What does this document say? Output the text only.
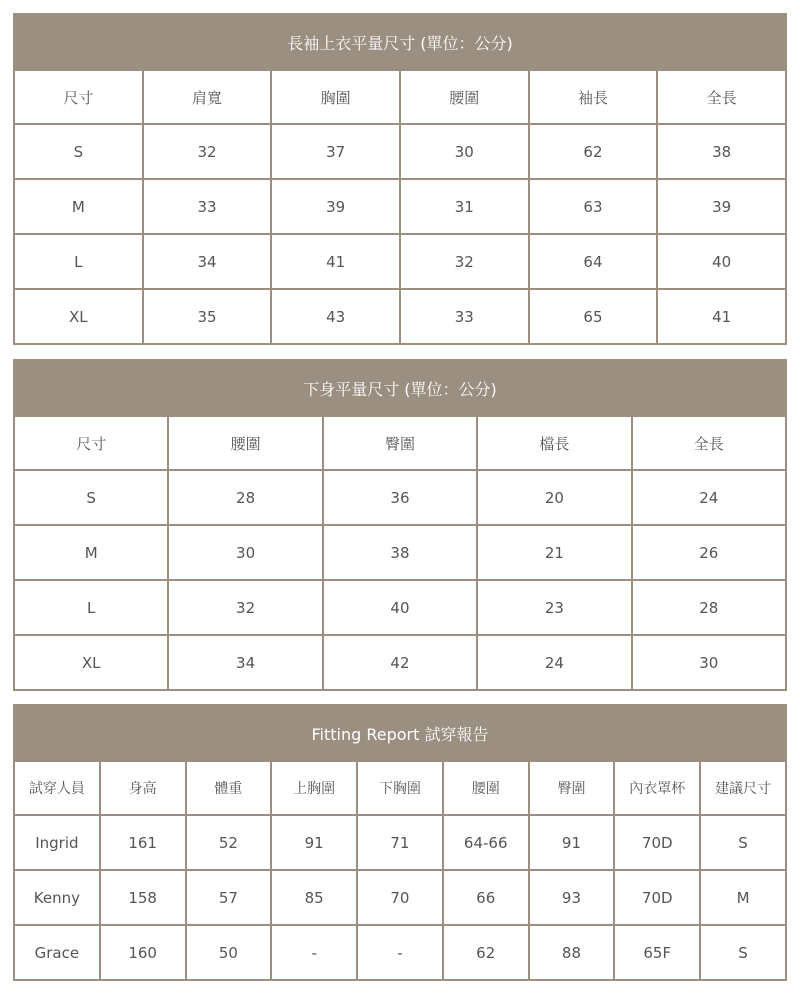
長袖上衣平量尺寸 (單位：公分)					
尺寸	肩寬	胸圍	腰圍	袖長	全長
S	32	37	30	62	38
M	33	39	31	63	39
L	34	41	32	64	40
XL	35	43	33	65	41
下身平量尺寸 (單位：公分)				
尺寸	腰圍	臀圍	檔長	全長
S	28	36	20	24
M	30	38	21	26
L	32	40	23	28
XL	34	42	24	30
Fitting Report 試穿報告								
試穿人員	身高	體重	上胸圍	下胸圍	腰圍	臀圍	內衣罩杯	建議尺寸
Ingrid	161	52	91	71	64-66	91	70D	S
Kenny	158	57	85	70	66	93	70D	M
Grace	160	50	-	-	62	88	65F	S
